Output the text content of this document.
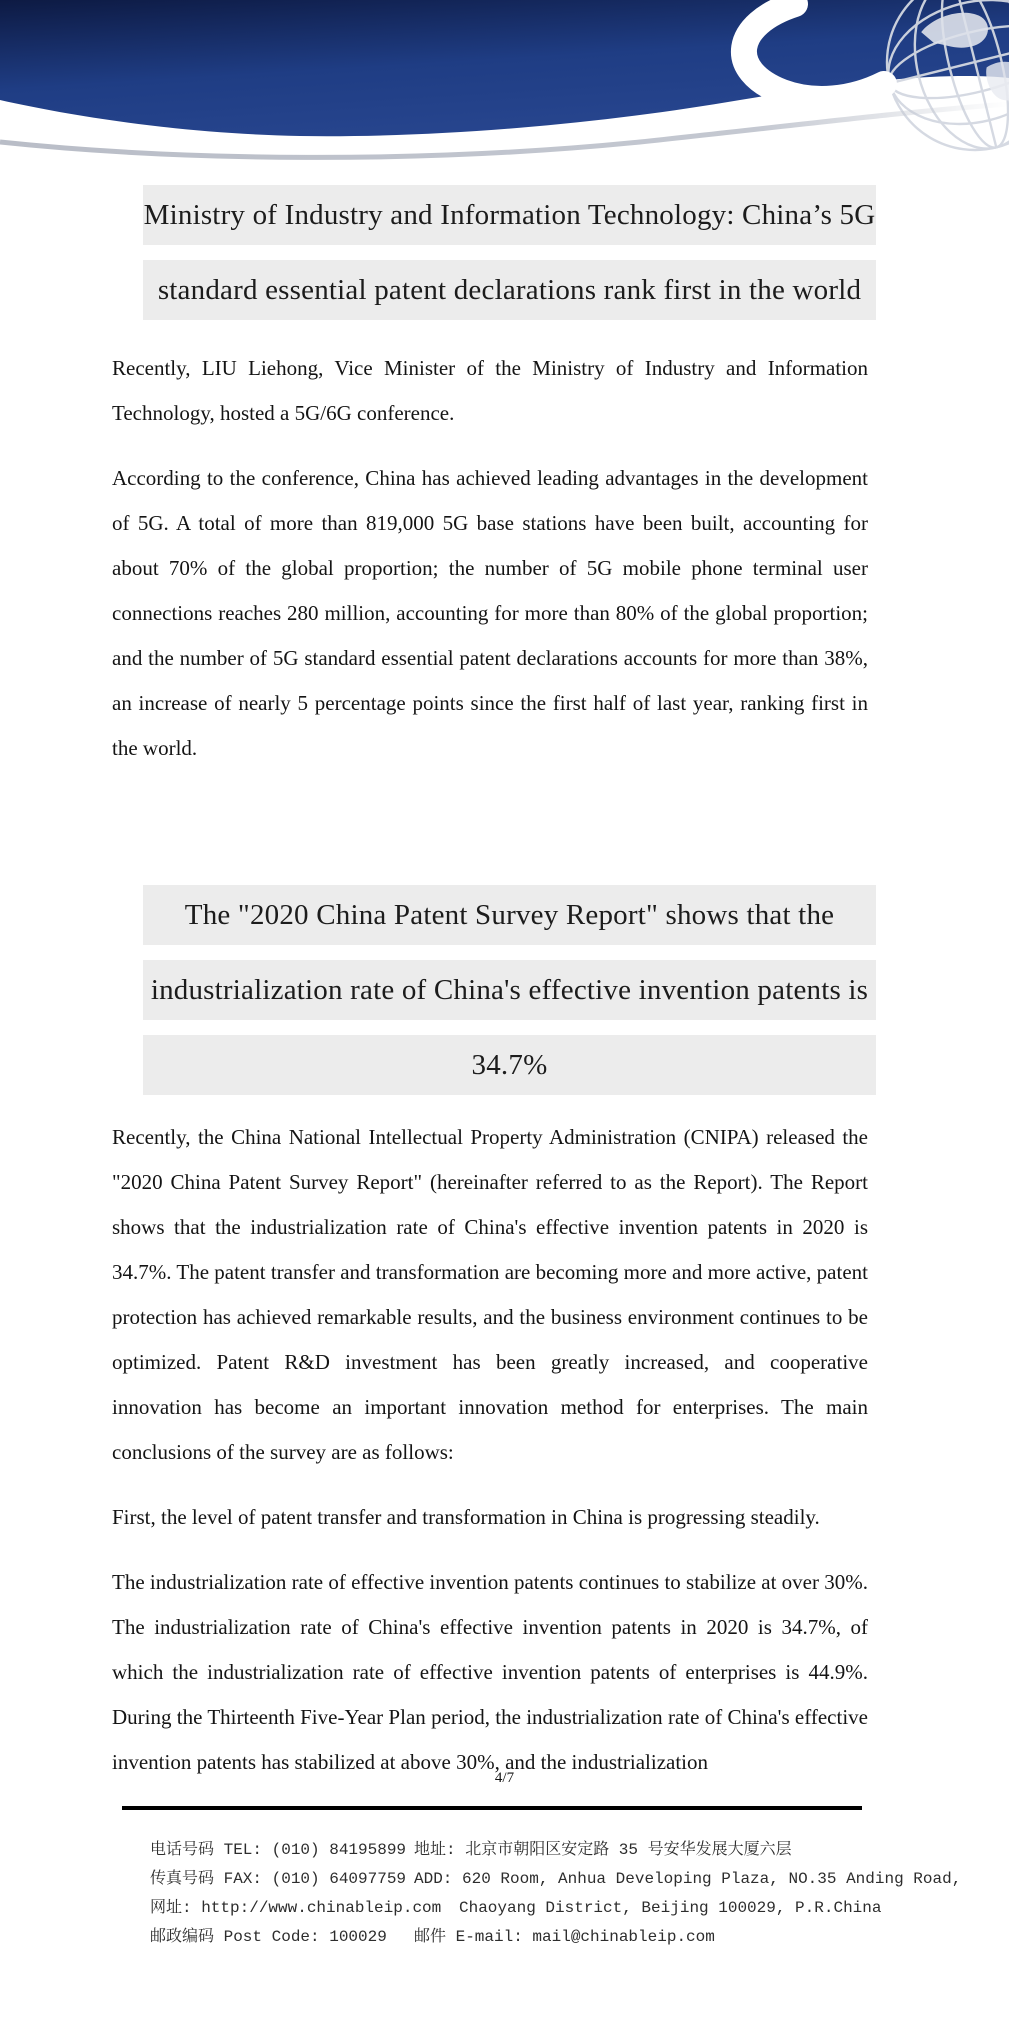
Ministry of Industry and Information Technology: China’s 5G
standard essential patent declarations rank first in the world

Recently, LIU Liehong, Vice Minister of the Ministry of Industry and Information Technology, hosted a 5G/6G conference.

According to the conference, China has achieved leading advantages in the development of 5G. A total of more than 819,000 5G base stations have been built, accounting for about 70% of the global proportion; the number of 5G mobile phone terminal user connections reaches 280 million, accounting for more than 80% of the global proportion; and the number of 5G standard essential patent declarations accounts for more than 38%, an increase of nearly 5 percentage points since the first half of last year, ranking first in the world.

The "2020 China Patent Survey Report" shows that the
industrialization rate of China's effective invention patents is
34.7%

Recently, the China National Intellectual Property Administration (CNIPA) released the "2020 China Patent Survey Report" (hereinafter referred to as the Report). The Report shows that the industrialization rate of China's effective invention patents in 2020 is 34.7%. The patent transfer and transformation are becoming more and more active, patent protection has achieved remarkable results, and the business environment continues to be optimized. Patent R&D investment has been greatly increased, and cooperative innovation has become an important innovation method for enterprises. The main conclusions of the survey are as follows:

First, the level of patent transfer and transformation in China is progressing steadily.

The industrialization rate of effective invention patents continues to stabilize at over 30%. The industrialization rate of China's effective invention patents in 2020 is 34.7%, of which the industrialization rate of effective invention patents of enterprises is 44.9%. During the Thirteenth Five-Year Plan period, the industrialization rate of China's effective invention patents has stabilized at above 30%, and the industrialization

4/7
电话号码 TEL: (010) 84195899
传真号码 FAX: (010) 64097759
网址: http://www.chinableip.com
邮政编码 Post Code: 100029
地址: 北京市朝阳区安定路 35 号安华发展大厦六层
ADD: 620 Room, Anhua Developing Plaza, NO.35 Anding Road,
Chaoyang District, Beijing 100029, P.R.China
邮件 E-mail: mail@chinableip.com
